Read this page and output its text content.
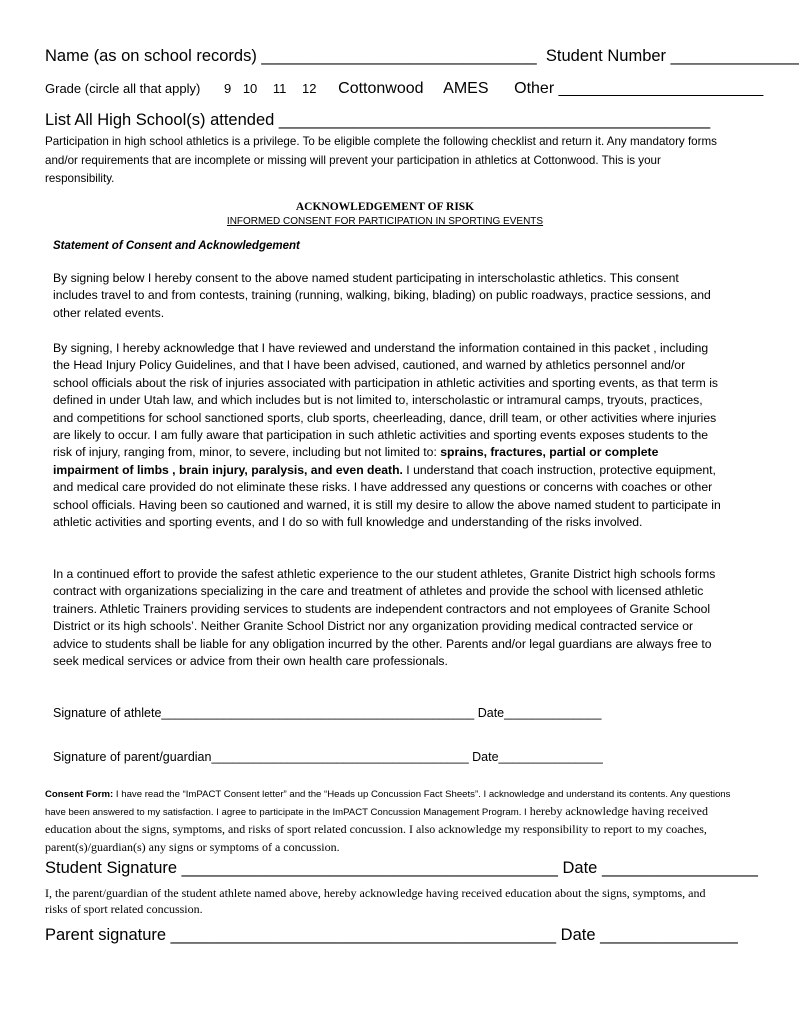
Name (as on school records) ______________________________ Student Number ______________
Grade (circle all that apply) 9 10 11 12 Cottonwood AMES Other _______________________
List All High School(s) attended _______________________________________________
Participation in high school athletics is a privilege. To be eligible complete the following checklist and return it. Any mandatory forms and/or requirements that are incomplete or missing will prevent your participation in athletics at Cottonwood. This is your responsibility.
ACKNOWLEDGEMENT OF RISK
INFORMED CONSENT FOR PARTICIPATION IN SPORTING EVENTS
Statement of Consent and Acknowledgement
By signing below I hereby consent to the above named student participating in interscholastic athletics. This consent includes travel to and from contests, training (running, walking, biking, blading) on public roadways, practice sessions, and other related events.
By signing, I hereby acknowledge that I have reviewed and understand the information contained in this packet , including the Head Injury Policy Guidelines, and that I have been advised, cautioned, and warned by athletics personnel and/or school officials about the risk of injuries associated with participation in athletic activities and sporting events, as that term is defined in under Utah law, and which includes but is not limited to, interscholastic or intramural camps, tryouts, practices, and competitions for school sanctioned sports, club sports, cheerleading, dance, drill team, or other activities where injuries are likely to occur. I am fully aware that participation in such athletic activities and sporting events exposes students to the risk of injury, ranging from, minor, to severe, including but not limited to: sprains, fractures, partial or complete impairment of limbs , brain injury, paralysis, and even death. I understand that coach instruction, protective equipment, and medical care provided do not eliminate these risks. I have addressed any questions or concerns with coaches or other school officials. Having been so cautioned and warned, it is still my desire to allow the above named student to participate in athletic activities and sporting events, and I do so with full knowledge and understanding of the risks involved.
In a continued effort to provide the safest athletic experience to the our student athletes, Granite District high schools forms contract with organizations specializing in the care and treatment of athletes and provide the school with licensed athletic trainers. Athletic Trainers providing services to students are independent contractors and not employees of Granite School District or its high schools’. Neither Granite School District nor any organization providing medical contracted service or advice to students shall be liable for any obligation incurred by the other. Parents and/or legal guardians are always free to seek medical services or advice from their own health care professionals.
Signature of athlete_____________________________________________ Date______________
Signature of parent/guardian_____________________________________ Date_______________
Consent Form: I have read the “ImPACT Consent letter” and the “Heads up Concussion Fact Sheets”. I acknowledge and understand its contents. Any questions have been answered to my satisfaction. I agree to participate in the ImPACT Concussion Management Program. I hereby acknowledge having received education about the signs, symptoms, and risks of sport related concussion. I also acknowledge my responsibility to report to my coaches, parent(s)/guardian(s) any signs or symptoms of a concussion.
Student Signature _________________________________________ Date _________________
I, the parent/guardian of the student athlete named above, hereby acknowledge having received education about the signs, symptoms, and risks of sport related concussion.
Parent signature __________________________________________ Date _______________
